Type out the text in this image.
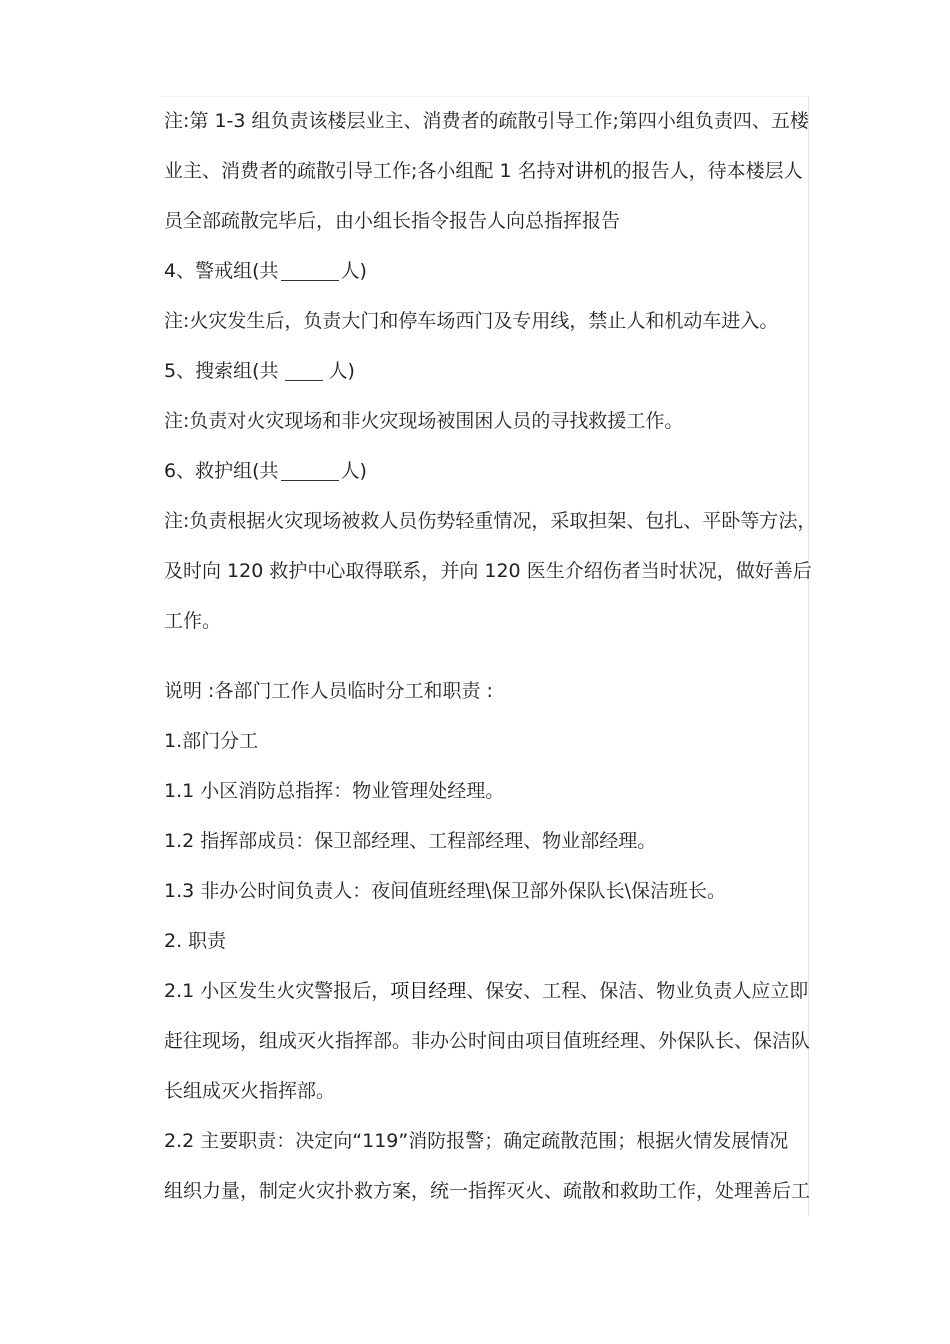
注:第 1-3 组负责该楼层业主、消费者的疏散引导工作;第四小组负责四、五楼
业主、消费者的疏散引导工作;各小组配 1 名持对讲机的报告人，待本楼层人
员全部疏散完毕后，由小组长指令报告人向总指挥报告
4、警戒组(共	人)
注:火灾发生后，负责大门和停车场西门及专用线，禁止人和机动车进入。
5、搜索组(共	人)
注:负责对火灾现场和非火灾现场被围困人员的寻找救援工作。
6、救护组(共	人)
注:负责根据火灾现场被救人员伤势轻重情况，采取担架、包扎、平卧等方法，
及时向 120 救护中心取得联系，并向 120 医生介绍伤者当时状况，做好善后
工作。
说明 :各部门工作人员临时分工和职责 :
1.部门分工
1.1 小区消防总指挥：物业管理处经理。
1.2 指挥部成员：保卫部经理、工程部经理、物业部经理。
1.3 非办公时间负责人：夜间值班经理\保卫部外保队长\保洁班长。
2. 职责
2.1 小区发生火灾警报后，项目经理、保安、工程、保洁、物业负责人应立即
赶往现场，组成灭火指挥部。非办公时间由项目值班经理、外保队长、保洁队
长组成灭火指挥部。
2.2 主要职责：决定向“119”消防报警；确定疏散范围；根据火情发展情况
组织力量，制定火灾扑救方案，统一指挥灭火、疏散和救助工作，处理善后工
